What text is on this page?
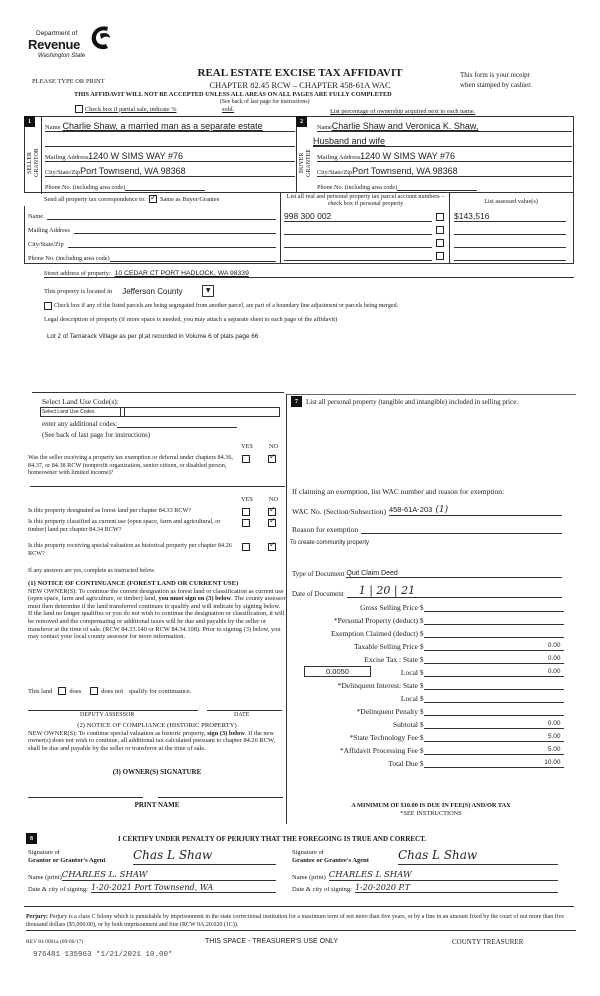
Department of
Revenue
Washington State
PLEASE TYPE OR PRINT
REAL ESTATE EXCISE TAX AFFIDAVIT
CHAPTER 82.45 RCW – CHAPTER 458-61A WAC
This form is your receipt
when stamped by cashier.
THIS AFFIDAVIT WILL NOT BE ACCEPTED UNLESS ALL AREAS ON ALL PAGES ARE FULLY COMPLETED
(See back of last page for instructions)
Check box if partial sale, indicate %	sold.	List percentage of ownership acquired next to each name.
1
SELLER
GRANTOR
Name Charlie Shaw, a married man as a separate estate
Mailing Address 1240 W SIMS WAY #76
City/State/Zip Port Townsend, WA 98368
Phone No. (including area code)
2
BUYER
GRANTEE
Name Charlie Shaw and Veronica K. Shaw,
Husband and wife
Mailing Address 1240 W SIMS WAY #76
City/State/Zip Port Townsend, WA 98368
Phone No. (including area code)
Send all property tax correspondence to: ✓ Same as Buyer/Grantee
Name
Mailing Address
City/State/Zip
Phone No. (including area code)
List all real and personal property tax parcel account numbers – check box if personal property	List assessed value(s)
998 300 002	$143,516
Street address of property: 10 CEDAR CT PORT HADLOCK, WA 98339
This property is located in Jefferson County	▼
Check box if any of the listed parcels are being segregated from another parcel, are part of a boundary line adjustment or parcels being merged.
Legal description of property (if more space is needed, you may attach a separate sheet to each page of the affidavit)
Lot 2 of Tamarack Village as per pl;at recorded in Volume 6 of plats page 66
Select Land Use Code(s):
Select Land Use Codes
enter any additional codes:
(See back of last page for instructions)
YES	NO
Was the seller receiving a property tax exemption or deferral under chapters 84.36, 84.37, or 84.38 RCW (nonprofit organization, senior citizen, or disabled person, homeowner with limited income)?
✓
YES	NO
Is this property designated as forest land per chapter 84.33 RCW?
✓
Is this property classified as current use (open space, farm and agricultural, or timber) land per chapter 84.34 RCW?
✓
Is this property receiving special valuation as historical property per chapter 84.26 RCW?
✓
If any answers are yes, complete as instructed below.
(1) NOTICE OF CONTINUANCE (FOREST LAND OR CURRENT USE)
NEW OWNER(S): To continue the current designation as forest land or classification as current use (open space, farm and agriculture, or timber) land, you must sign on (3) below. The county assessor must then determine if the land transferred continues to qualify and will indicate by signing below. If the land no longer qualifies or you do not wish to continue the designation or classification, it will be removed and the compensating or additional taxes will be due and payable by the seller or transferor at the time of sale. (RCW 84.33.140 or RCW 84.34.108). Prior to signing (3) below, you may contact your local county assessor for more information.
This land	does	does not qualify for continuance.
DEPUTY ASSESSOR	DATE
(2) NOTICE OF COMPLIANCE (HISTORIC PROPERTY)
NEW OWNER(S): To continue special valuation as historic property, sign (3) below. If the new owner(s) does not wish to continue, all additional tax calculated pursuant to chapter 84.26 RCW, shall be due and payable by the seller or transferor at the time of sale.
(3) OWNER(S) SIGNATURE
PRINT NAME
7	List all personal property (tangible and intangible) included in selling price.
If claiming an exemption, list WAC number and reason for exemption:
WAC No. (Section/Subsection) 458-61A-203 (1)
Reason for exemption
To create community property
Type of Document Quit Claim Deed
Date of Document	1 | 20 | 21
Gross Selling Price $
*Personal Property (deduct) $
Exemption Claimed (deduct) $
Taxable Selling Price $	0.00
Excise Tax : State $	0.00
0.0050	Local $	0.00
*Delinquent Interest: State $
Local $
*Delinquent Penalty $
Subtotal $	0.00
*State Technology Fee $	5.00
*Affidavit Processing Fee $	5.00
Total Due $	10.00
A MINIMUM OF $10.00 IS DUE IN FEE(S) AND/OR TAX
*SEE INSTRUCTIONS
8	I CERTIFY UNDER PENALTY OF PERJURY THAT THE FOREGOING IS TRUE AND CORRECT.
Signature of
Grantor or Grantor's Agent Chas L Shaw
Name (print) CHARLES L. SHAW
Date & city of signing: 1-20-2021 Port Townsend, WA
Signature of
Grantee or Grantee's Agent Chas L Shaw
Name (print) CHARLES L SHAW
Date & city of signing: 1-20-2020 P.T
Perjury: Perjury is a class C felony which is punishable by imprisonment in the state correctional institution for a maximum term of not more than five years, or by a fine in an amount fixed by the court of not more than five thousand dollars ($5,000.00), or by both imprisonment and fine (RCW 9A.20.020 (1C)).
REV 84 0001a (09/06/17)	THIS SPACE - TREASURER'S USE ONLY	COUNTY TREASURER
976481 135963 *1/21/2021 10.00*
